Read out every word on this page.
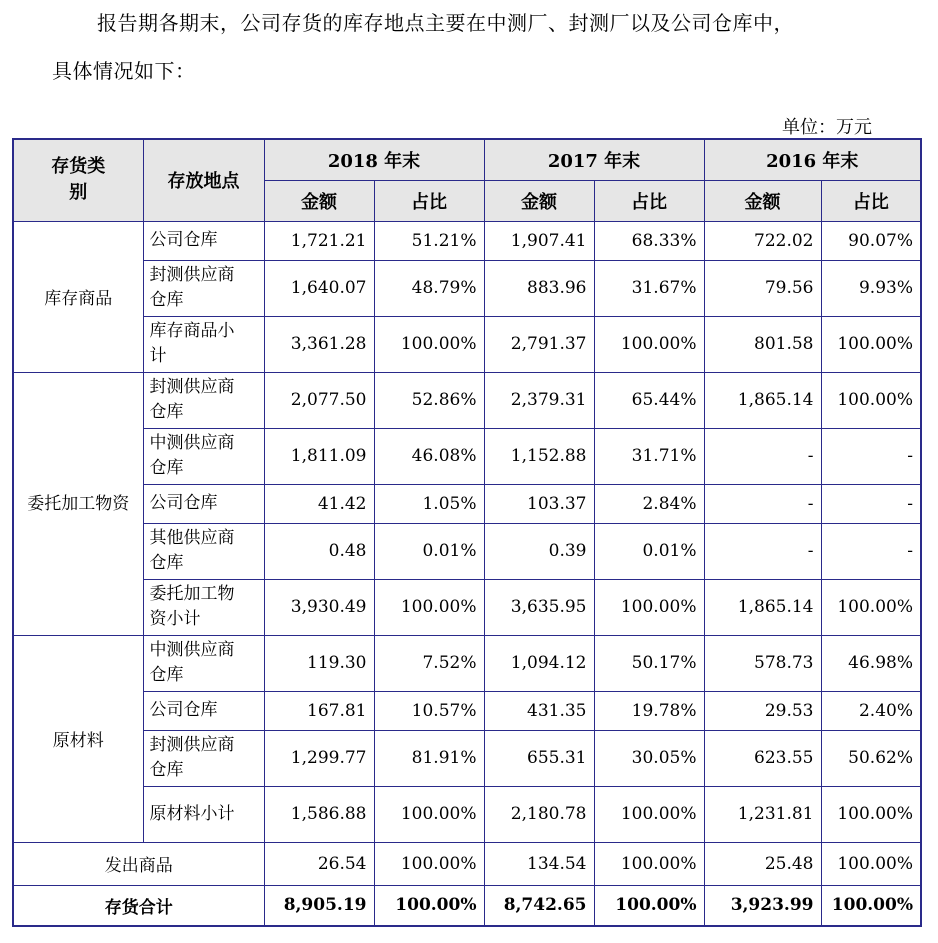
报告期各期末，公司存货的库存地点主要在中测厂、封测厂以及公司仓库中，
具体情况如下：
单位：万元
存货类别	存放地点	2018 年末		2017 年末		2016 年末	
		金额	占比	金额	占比	金额	占比
库存商品	公司仓库	1,721.21	51.21%	1,907.41	68.33%	722.02	90.07%

	封测供应商仓库	1,640.07	48.79%	883.96	31.67%	79.56	9.93%

	库存商品小计	3,361.28	100.00%	2,791.37	100.00%	801.58	100.00%

委托加工物资	封测供应商仓库	2,077.50	52.86%	2,379.31	65.44%	1,865.14	100.00%

	中测供应商仓库	1,811.09	46.08%	1,152.88	31.71%	-	-
	公司仓库	41.42	1.05%	103.37	2.84%	-	-

	其他供应商仓库	0.48	0.01%	0.39	0.01%	-	-

	委托加工物资小计	3,930.49	100.00%	3,635.95	100.00%	1,865.14	100.00%
原材料	中测供应商仓库	119.30	7.52%	1,094.12	50.17%	578.73	46.98%
	公司仓库	167.81	10.57%	431.35	19.78%	29.53	2.40%

	封测供应商仓库	1,299.77	81.91%	655.31	30.05%	623.55	50.62%

	原材料小计	1,586.88	100.00%	2,180.78	100.00%	1,231.81	100.00%
发出商品		26.54	100.00%	134.54	100.00%	25.48	100.00%
存货合计		8,905.19	100.00%	8,742.65	100.00%	3,923.99	100.00%
